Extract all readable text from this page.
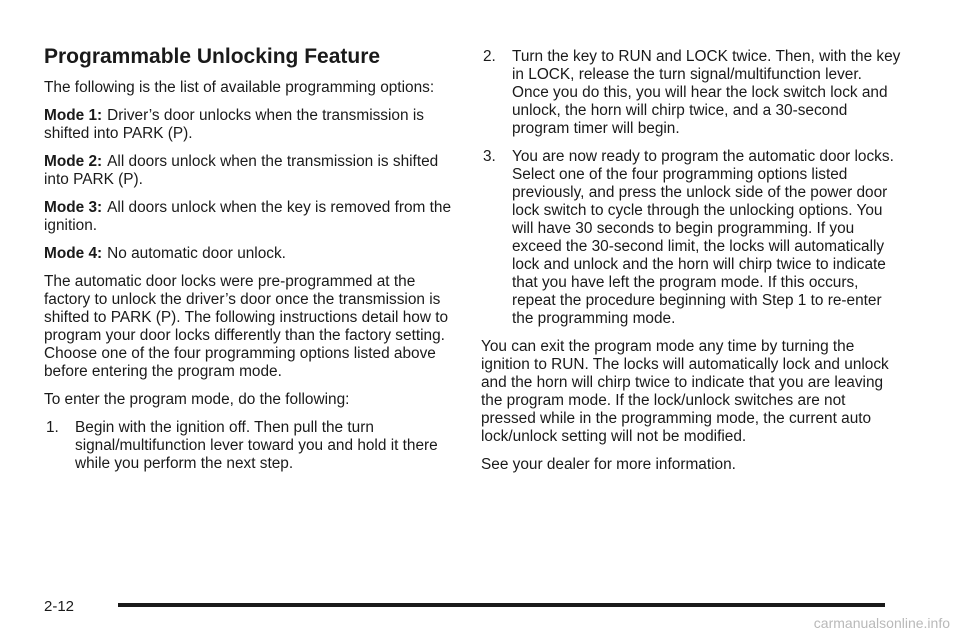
Programmable Unlocking Feature

The following is the list of available programming options:

Mode 1: Driver’s door unlocks when the transmission is shifted into PARK (P).

Mode 2: All doors unlock when the transmission is shifted into PARK (P).

Mode 3: All doors unlock when the key is removed from the ignition.

Mode 4: No automatic door unlock.

The automatic door locks were pre-programmed at the factory to unlock the driver’s door once the transmission is shifted to PARK (P). The following instructions detail how to program your door locks differently than the factory setting. Choose one of the four programming options listed above before entering the program mode.

To enter the program mode, do the following:

1. Begin with the ignition off. Then pull the turn signal/multifunction lever toward you and hold it there while you perform the next step.
2. Turn the key to RUN and LOCK twice. Then, with the key in LOCK, release the turn signal/multifunction lever. Once you do this, you will hear the lock switch lock and unlock, the horn will chirp twice, and a 30-second program timer will begin.
3. You are now ready to program the automatic door locks. Select one of the four programming options listed previously, and press the unlock side of the power door lock switch to cycle through the unlocking options. You will have 30 seconds to begin programming. If you exceed the 30-second limit, the locks will automatically lock and unlock and the horn will chirp twice to indicate that you have left the program mode. If this occurs, repeat the procedure beginning with Step 1 to re-enter the programming mode.

You can exit the program mode any time by turning the ignition to RUN. The locks will automatically lock and unlock and the horn will chirp twice to indicate that you are leaving the program mode. If the lock/unlock switches are not pressed while in the programming mode, the current auto lock/unlock setting will not be modified.

See your dealer for more information.

2-12
carmanualsonline.info
